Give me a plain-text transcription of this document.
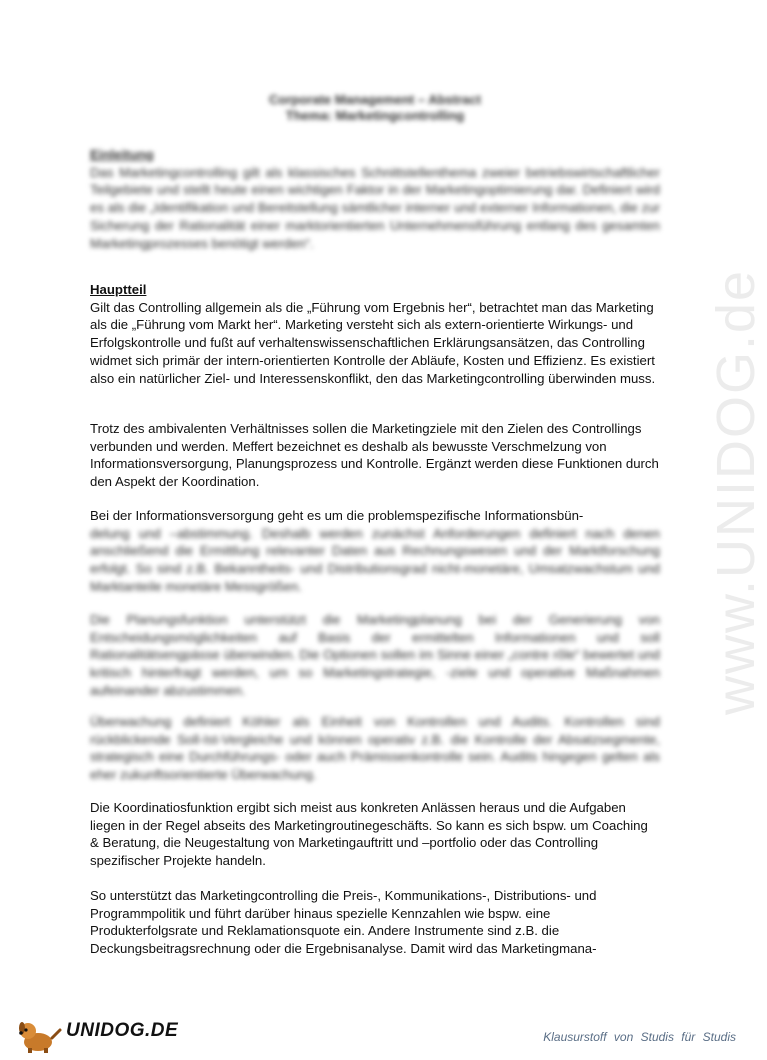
www.UNIDOG.de
Corporate Management – Abstract
Thema: Marketingcontrolling
Einleitung

Das Marketingcontrolling gilt als klassisches Schnittstellenthema zweier betriebswirtschaftlicher Teilgebiete und stellt heute einen wichtigen Faktor in der Marketingoptimierung dar. Definiert wird es als die „Identifikation und Bereitstellung sämtlicher interner und externer Informationen, die zur Sicherung der Rationalität einer marktorientierten Unternehmensführung entlang des gesamten Marketingprozesses benötigt werden“.

Hauptteil

Gilt das Controlling allgemein als die „Führung vom Ergebnis her“, betrachtet man das Marketing als die „Führung vom Markt her“. Marketing versteht sich als extern-orientierte Wirkungs- und Erfolgskontrolle und fußt auf verhaltenswissenschaftlichen Erklärungsansätzen, das Controlling widmet sich primär der intern-orientierten Kontrolle der Abläufe, Kosten und Effizienz. Es existiert also ein natürlicher Ziel- und Interessenskonflikt, den das Marketingcontrolling überwinden muss.

Trotz des ambivalenten Verhältnisses sollen die Marketingziele mit den Zielen des Controllings verbunden und werden. Meffert bezeichnet es deshalb als bewusste Verschmelzung von Informationsversorgung, Planungsprozess und Kontrolle. Ergänzt werden diese Funktionen durch den Aspekt der Koordination.

Bei der Informationsversorgung geht es um die problemspezifische Informationsbün-

delung und –abstimmung. Deshalb werden zunächst Anforderungen definiert nach denen anschließend die Ermittlung relevanter Daten aus Rechnungswesen und der Marktforschung erfolgt. So sind z.B. Bekanntheits- und Distributionsgrad nicht-monetäre, Umsatzwachstum und Marktanteile monetäre Messgrößen.

Die Planungsfunktion unterstützt die Marketingplanung bei der Generierung von Entscheidungsmöglichkeiten auf Basis der ermittelten Informationen und soll Rationalitätsengpässe überwinden. Die Optionen sollen im Sinne einer „contre rôle“ bewertet und kritisch hinterfragt werden, um so Marketingstrategie, -ziele und operative Maßnahmen aufeinander abzustimmen.

Überwachung definiert Köhler als Einheit von Kontrollen und Audits. Kontrollen sind rückblickende Soll-Ist-Vergleiche und können operativ z.B. die Kontrolle der Absatzsegmente, strategisch eine Durchführungs- oder auch Prämissenkontrolle sein. Audits hingegen gelten als eher zukunftsorientierte Überwachung.

Die Koordinatiosfunktion ergibt sich meist aus konkreten Anlässen heraus und die Aufgaben liegen in der Regel abseits des Marketingroutinegeschäfts. So kann es sich bspw. um Coaching & Beratung, die Neugestaltung von Marketingauftritt und –portfolio oder das Controlling spezifischer Projekte handeln.

So unterstützt das Marketingcontrolling die Preis-, Kommunikations-, Distributions- und Programmpolitik und führt darüber hinaus spezielle Kennzahlen wie bspw. eine Produkterfolgsrate und Reklamationsquote ein. Andere Instrumente sind z.B. die Deckungsbeitragsrechnung oder die Ergebnisanalyse. Damit wird das Marketingmana-

UNIDOG.DE	Klausurstoff von Studis für Studis
